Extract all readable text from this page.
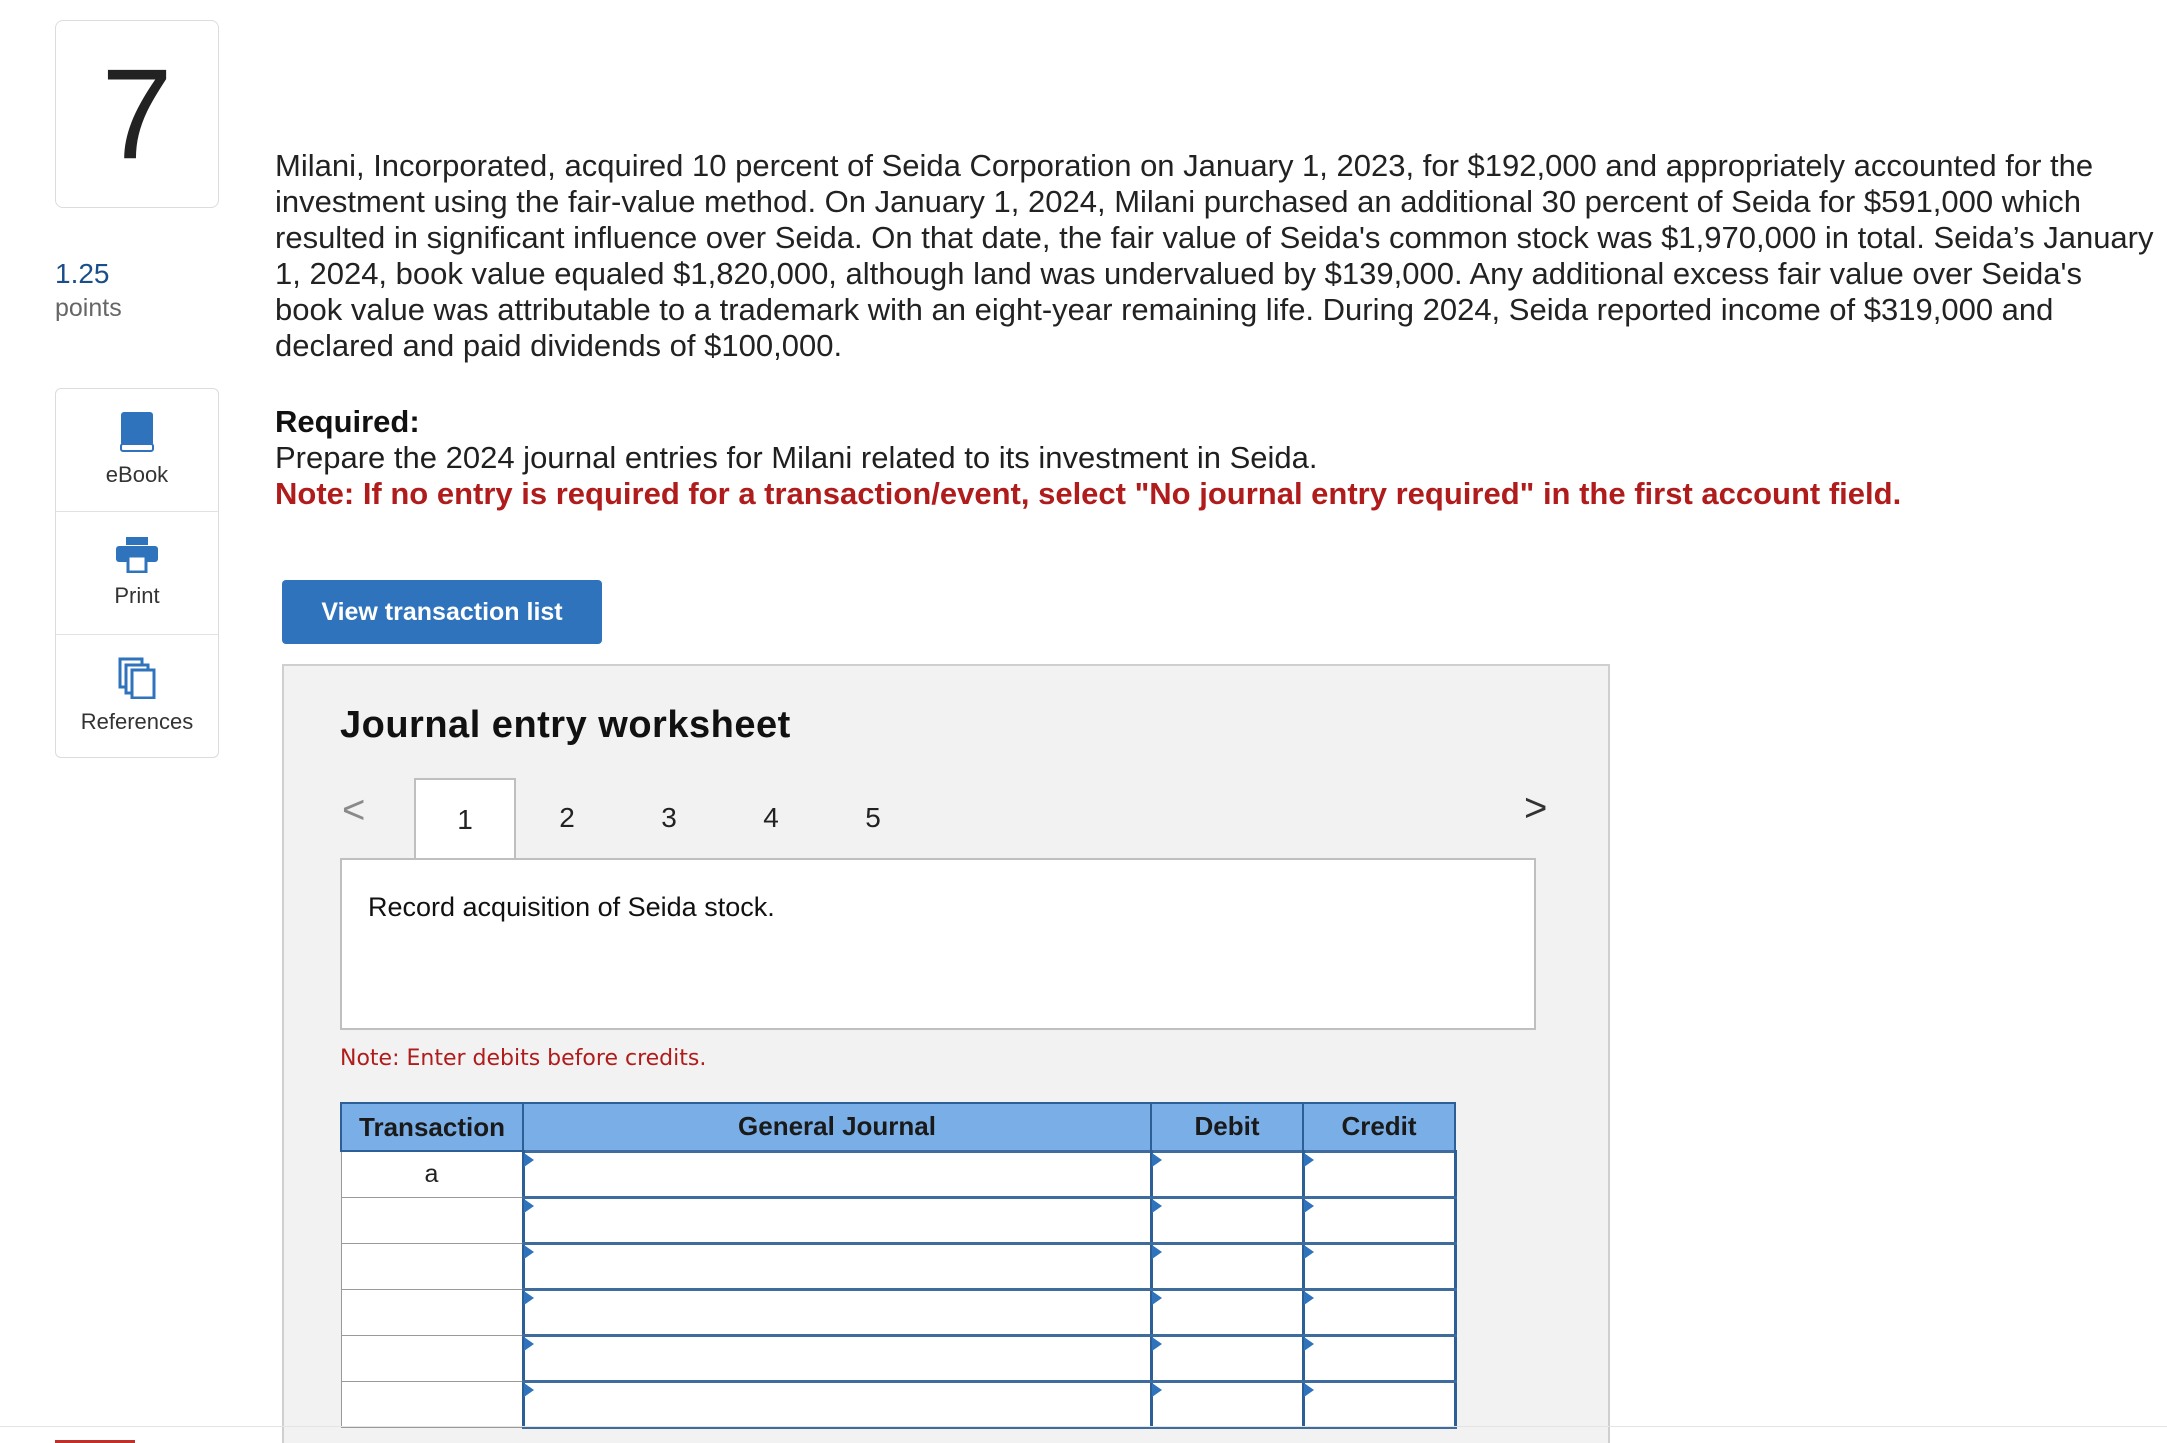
7
1.25
points
eBook
Print
References
Milani, Incorporated, acquired 10 percent of Seida Corporation on January 1, 2023, for $192,000 and appropriately accounted for the investment using the fair-value method. On January 1, 2024, Milani purchased an additional 30 percent of Seida for $591,000 which resulted in significant influence over Seida. On that date, the fair value of Seida's common stock was $1,970,000 in total. Seida’s January 1, 2024, book value equaled $1,820,000, although land was undervalued by $139,000. Any additional excess fair value over Seida's book value was attributable to a trademark with an eight-year remaining life. During 2024, Seida reported income of $319,000 and declared and paid dividends of $100,000.
Required:
Prepare the 2024 journal entries for Milani related to its investment in Seida.
Note: If no entry is required for a transaction/event, select "No journal entry required" in the first account field.
View transaction list
Journal entry worksheet
<	1	2	3	4	5	>
Record acquisition of Seida stock.
Note: Enter debits before credits.
Transaction	General Journal	Debit	Credit
a			
